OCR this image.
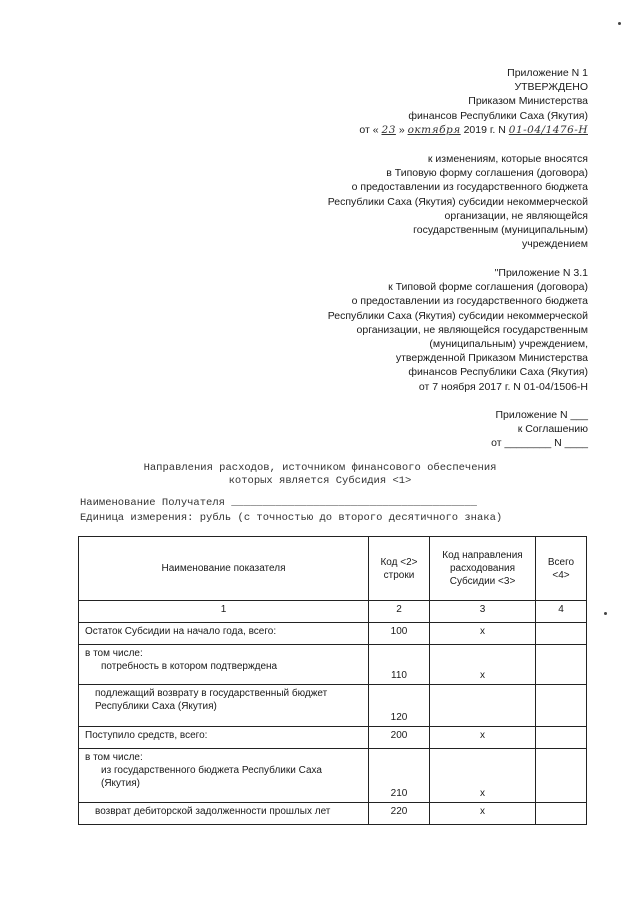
Приложение N 1
УТВЕРЖДЕНО
Приказом Министерства
финансов Республики Саха (Якутия)
от « 23 » октября 2019 г. N 01-04/1476-Н
к изменениям, которые вносятся
в Типовую форму соглашения (договора)
о предоставлении из государственного бюджета
Республики Саха (Якутия) субсидии некоммерческой
организации, не являющейся
государственным (муниципальным)
учреждением
"Приложение N 3.1
к Типовой форме соглашения (договора)
о предоставлении из государственного бюджета
Республики Саха (Якутия) субсидии некоммерческой
организации, не являющейся государственным
(муниципальным) учреждением,
утвержденной Приказом Министерства
финансов Республики Саха (Якутия)
от 7 ноября 2017 г. N 01-04/1506-Н
Приложение N ___
к Соглашению
от ________ N ____
Направления расходов, источником финансового обеспечения
которых является Субсидия <1>
Наименование Получателя _______________________________________
Единица измерения: рубль (с точностью до второго десятичного знака)
Наименование показателя	Код <2> строки	Код направления расходования Субсидии <3>	Всего <4>
1	2	3	4
Остаток Субсидии на начало года, всего:	100	x	

в том числе:
потребность в котором подтверждена	110	x	
подлежащий возврату в государственный бюджет Республики Саха (Якутия)	120		
Поступило средств, всего:	200	x	

в том числе:
из государственного бюджета Республики Саха (Якутия)	210	x	
возврат дебиторской задолженности прошлых лет	220	x	
